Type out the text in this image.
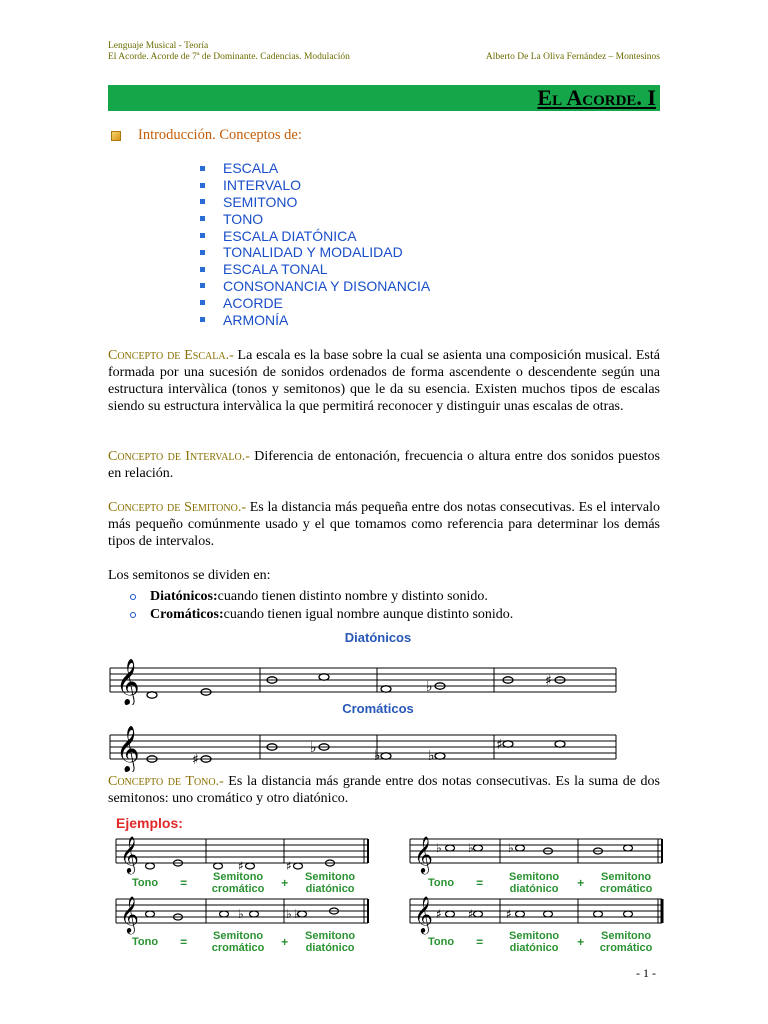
Lenguaje Musical - Teoría
El Acorde. Acorde de 7ª de Dominante. Cadencias. Modulación	Alberto De La Oliva Fernández – Montesinos
El Acorde. I
Introducción. Conceptos de:
ESCALA
INTERVALO
SEMITONO
TONO
ESCALA DIATÓNICA
TONALIDAD Y MODALIDAD
ESCALA TONAL
CONSONANCIA Y DISONANCIA
ACORDE
ARMONÍA

Concepto de Escala.- La escala es la base sobre la cual se asienta una composición musical. Está formada por una sucesión de sonidos ordenados de forma ascendente o descendente según una estructura intervàlica (tonos y semitonos) que le da su esencia. Existen muchos tipos de escalas siendo su estructura intervàlica la que permitirá reconocer y distinguir unas escalas de otras.

Concepto de Intervalo.- Diferencia de entonación, frecuencia o altura entre dos sonidos puestos en relación.

Concepto de Semitono.- Es la distancia más pequeña entre dos notas consecutivas. Es el intervalo más pequeño comúnmente usado y el que tomamos como referencia para determinar los demás tipos de intervalos.

Los semitonos se dividen en:

Diatónicos: cuando tienen distinto nombre y distinto sonido.
Cromáticos: cuando tienen igual nombre aunque distinto sonido.
Diatónicos
𝄞	♭	♯
Cromáticos
𝄞	♯
♭	♭	♭
♯

Concepto de Tono.- Es la distancia más grande entre dos notas consecutivas. Es la suma de dos semitonos: uno cromático y otro diatónico.

Ejemplos:
𝄞	♯	♯
Tono =	Semitono cromático	+	Semitono diatónico
𝄞	♭	♭ ♭
Tono =	Semitono cromático	+	Semitono diatónico
𝄞 ♭ ♭	♭
Tono =	Semitono diatónico	+	Semitono cromático
𝄞 ♯ ♯	♯
Tono =	Semitono diatónico	+	Semitono cromático
- 1 -
